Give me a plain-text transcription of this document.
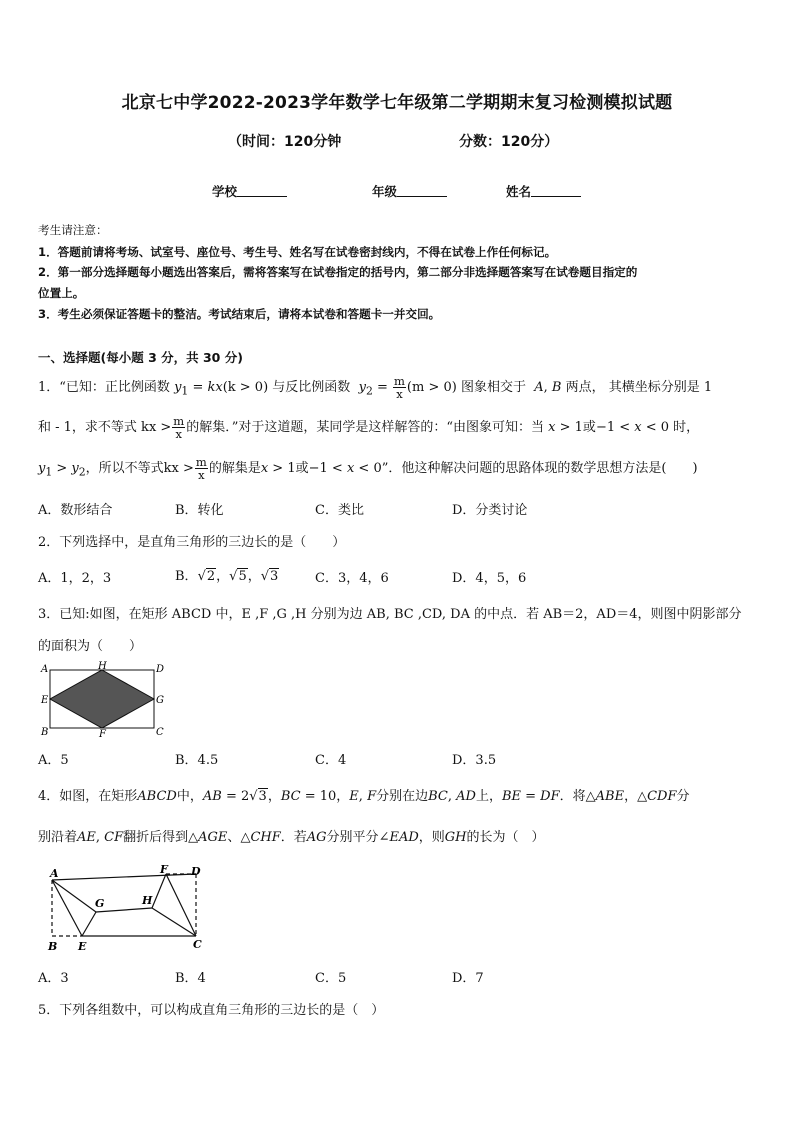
北京七中学2022-2023学年数学七年级第二学期期末复习检测模拟试题
（时间：120分钟	分数：120分）
学校	年级	姓名
考生请注意：
1．答题前请将考场、试室号、座位号、考生号、姓名写在试卷密封线内，不得在试卷上作任何标记。
2．第一部分选择题每小题选出答案后，需将答案写在试卷指定的括号内，第二部分非选择题答案写在试卷题目指定的
位置上。
3．考生必须保证答题卡的整洁。考试结束后，请将本试卷和答题卡一并交回。
一、选择题(每小题 3 分，共 30 分)
1．“已知：正比例函数 $y_1 = kx(k > 0)$ 与反比例函数 $y_2 = \frac{m}{x} (m > 0)$ 图象相交于 A, B 两点， 其横坐标分别是 1
和 - 1，求不等式 kx > $\frac{m}{x}$ 的解集．”对于这道题，某同学是这样解答的：“由图象可知：当 x > 1或−1 < x < 0 时，
$y_1 > y_2$，所以不等式kx > $\frac{m}{x}$ 的解集是x > 1或−1 < x < 0”．他这种解决问题的思路体现的数学思想方法是(　　)
A．数形结合	B．转化	C．类比	D．分类讨论
2．下列选择中，是直角三角形的三边长的是（　　）
A．1，2，3	B．√2，√5，√3	C．3，4，6	D．4，5，6
3．已知:如图，在矩形 ABCD 中，E ,F ,G ,H 分别为边 AB, BC ,CD, DA 的中点．若 AB＝2，AD＝4，则图中阴影部分
的面积为（　　）
A	H	D
E	G
B	F	C
A．5	B．4.5	C．4	D．3.5
4．如图，在矩形ABCD中，AB = 2√3，BC = 10，E, F分别在边BC, AD上，BE = DF．将△ABE，△CDF分
别沿着AE, CF翻折后得到△AGE、△CHF．若AG分别平分∠EAD，则GH的长为（　）
A	F D
G	H
B E	C
A．3	B．4	C．5	D．7
5．下列各组数中，可以构成直角三角形的三边长的是（　）
